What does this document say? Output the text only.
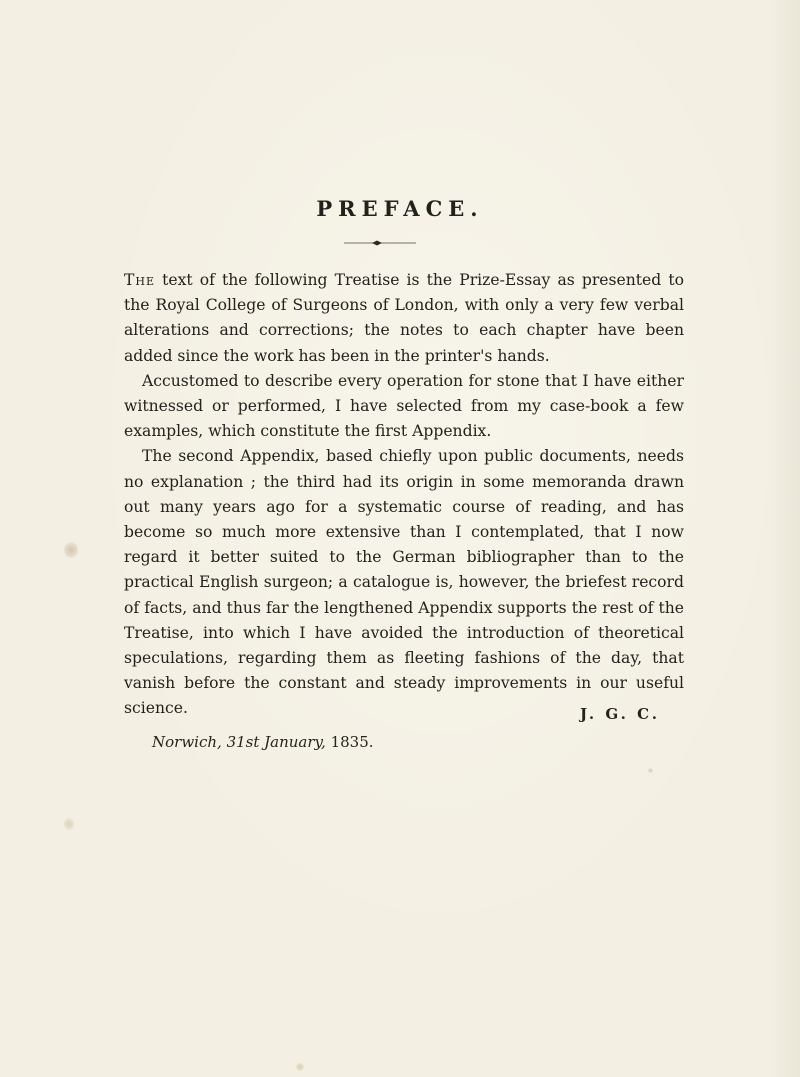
PREFACE.

The text of the following Treatise is the Prize-Essay as presented to the Royal College of Surgeons of London, with only a very few verbal alterations and corrections; the notes to each chapter have been added since the work has been in the printer's hands.

Accustomed to describe every operation for stone that I have either witnessed or performed, I have selected from my case-book a few examples, which constitute the first Appendix.

The second Appendix, based chiefly upon public documents, needs no explanation ; the third had its origin in some memoranda drawn out many years ago for a systematic course of reading, and has become so much more extensive than I contemplated, that I now regard it better suited to the German bibliographer than to the practical English surgeon; a catalogue is, however, the briefest record of facts, and thus far the lengthened Appendix supports the rest of the Treatise, into which I have avoided the introduction of theoretical speculations, regarding them as fleeting fashions of the day, that vanish before the constant and steady improvements in our useful science.	J. G. C.
Norwich, 31st January, 1835.
